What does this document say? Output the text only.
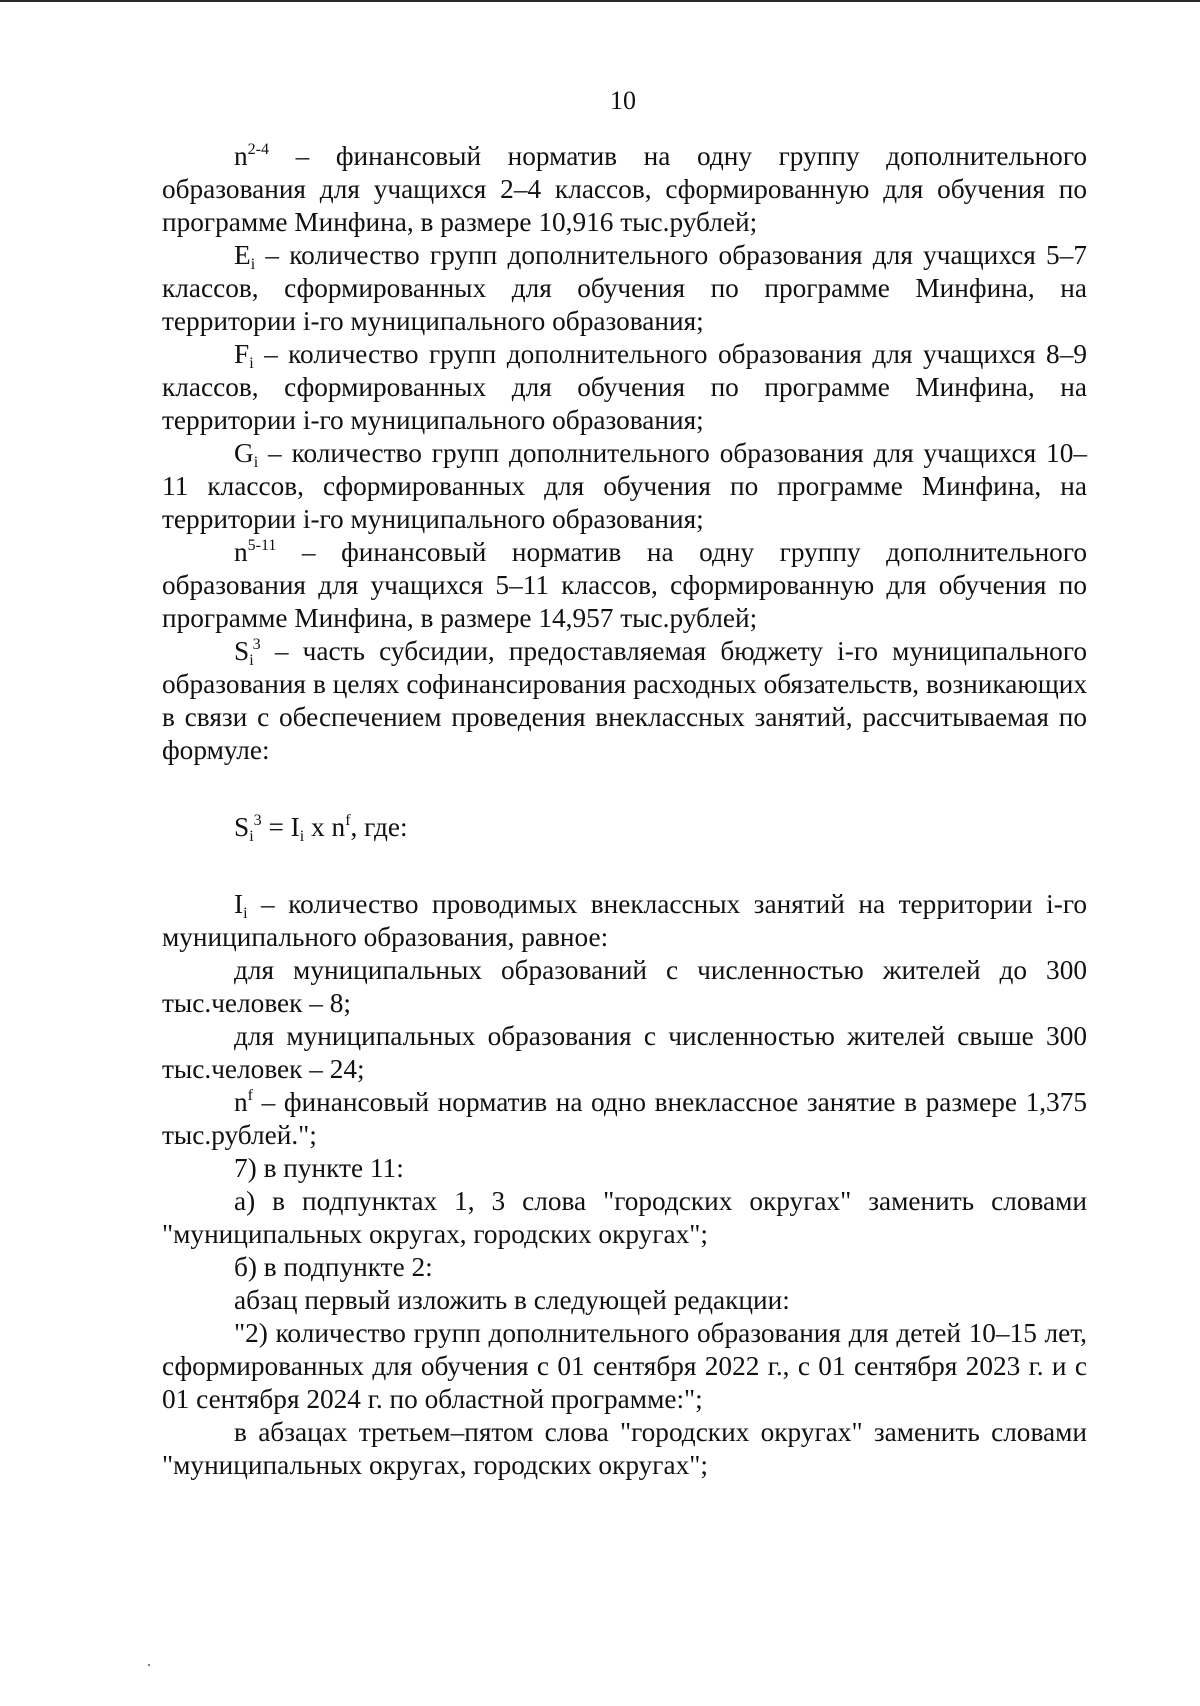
10

$n^{2-4}$ – финансовый норматив на одну группу дополнительного образования для учащихся 2–4 классов, сформированную для обучения по программе Минфина, в размере 10,916 тыс.рублей;

$E_i$ – количество групп дополнительного образования для учащихся 5–7 классов, сформированных для обучения по программе Минфина, на территории i-го муниципального образования;

$F_i$ – количество групп дополнительного образования для учащихся 8–9 классов, сформированных для обучения по программе Минфина, на территории i-го муниципального образования;

$G_i$ – количество групп дополнительного образования для учащихся 10–11 классов, сформированных для обучения по программе Минфина, на территории i-го муниципального образования;

$n^{5-11}$ – финансовый норматив на одну группу дополнительного образования для учащихся 5–11 классов, сформированную для обучения по программе Минфина, в размере 14,957 тыс.рублей;

$S_i^3$ – часть субсидии, предоставляемая бюджету i-го муниципального образования в целях софинансирования расходных обязательств, возникающих в связи с обеспечением проведения внеклассных занятий, рассчитываемая по формуле:

$S_i^3 = I_i$ x $n^f$, где:

$I_i$ – количество проводимых внеклассных занятий на территории i-го муниципального образования, равное:

для муниципальных образований с численностью жителей до 300 тыс.человек – 8;

для муниципальных образования с численностью жителей свыше 300 тыс.человек – 24;

$n^f$ – финансовый норматив на одно внеклассное занятие в размере 1,375 тыс.рублей.";

7) в пункте 11:

а) в подпунктах 1, 3 слова "городских округах" заменить словами "муниципальных округах, городских округах";

б) в подпункте 2:

абзац первый изложить в следующей редакции:

"2) количество групп дополнительного образования для детей 10–15 лет, сформированных для обучения с 01 сентября 2022 г., с 01 сентября 2023 г. и с 01 сентября 2024 г. по областной программе:";

в абзацах третьем–пятом слова "городских округах" заменить словами "муниципальных округах, городских округах";
